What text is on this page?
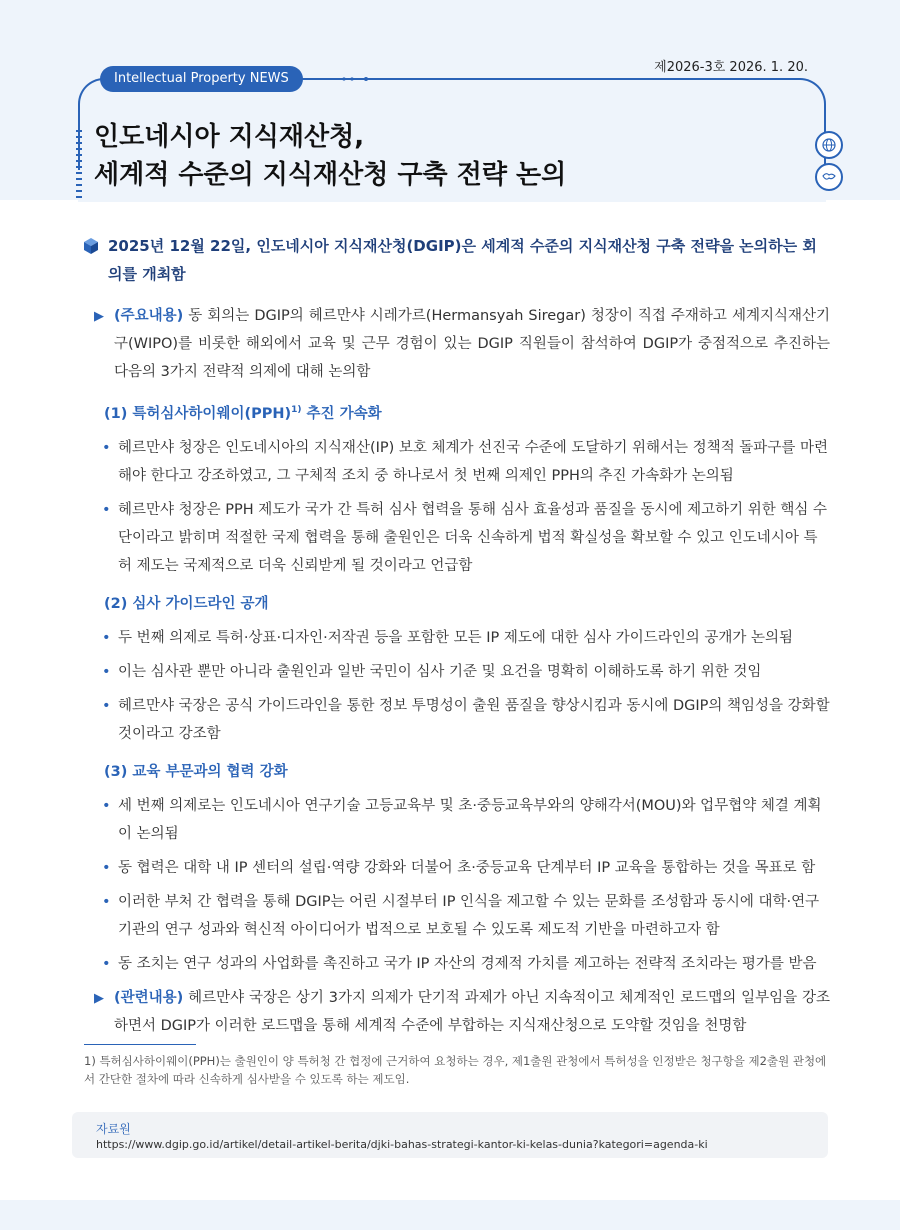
제2026-3호 2026. 1. 20.
Intellectual Property NEWS
인도네시아 지식재산청,
세계적 수준의 지식재산청 구축 전략 논의
2025년 12월 22일, 인도네시아 지식재산청(DGIP)은 세계적 수준의 지식재산청 구축 전략을 논의하는 회의를 개최함
▶ (주요내용) 동 회의는 DGIP의 헤르만샤 시레가르(Hermansyah Siregar) 청장이 직접 주재하고 세계지식재산기구(WIPO)를 비롯한 해외에서 교육 및 근무 경험이 있는 DGIP 직원들이 참석하여 DGIP가 중점적으로 추진하는 다음의 3가지 전략적 의제에 대해 논의함
(1) 특허심사하이웨이(PPH)$^{1)}$ 추진 가속화
• 헤르만샤 청장은 인도네시아의 지식재산(IP) 보호 체계가 선진국 수준에 도달하기 위해서는 정책적 돌파구를 마련해야 한다고 강조하였고, 그 구체적 조치 중 하나로서 첫 번째 의제인 PPH의 추진 가속화가 논의됨
• 헤르만샤 청장은 PPH 제도가 국가 간 특허 심사 협력을 통해 심사 효율성과 품질을 동시에 제고하기 위한 핵심 수단이라고 밝히며 적절한 국제 협력을 통해 출원인은 더욱 신속하게 법적 확실성을 확보할 수 있고 인도네시아 특허 제도는 국제적으로 더욱 신뢰받게 될 것이라고 언급함
(2) 심사 가이드라인 공개
• 두 번째 의제로 특허·상표·디자인·저작권 등을 포함한 모든 IP 제도에 대한 심사 가이드라인의 공개가 논의됨
• 이는 심사관 뿐만 아니라 출원인과 일반 국민이 심사 기준 및 요건을 명확히 이해하도록 하기 위한 것임
• 헤르만샤 국장은 공식 가이드라인을 통한 정보 투명성이 출원 품질을 향상시킴과 동시에 DGIP의 책임성을 강화할 것이라고 강조함
(3) 교육 부문과의 협력 강화
• 세 번째 의제로는 인도네시아 연구기술 고등교육부 및 초·중등교육부와의 양해각서(MOU)와 업무협약 체결 계획이 논의됨
• 동 협력은 대학 내 IP 센터의 설립·역량 강화와 더불어 초·중등교육 단계부터 IP 교육을 통합하는 것을 목표로 함
• 이러한 부처 간 협력을 통해 DGIP는 어린 시절부터 IP 인식을 제고할 수 있는 문화를 조성함과 동시에 대학·연구기관의 연구 성과와 혁신적 아이디어가 법적으로 보호될 수 있도록 제도적 기반을 마련하고자 함
• 동 조치는 연구 성과의 사업화를 촉진하고 국가 IP 자산의 경제적 가치를 제고하는 전략적 조치라는 평가를 받음
▶ (관련내용) 헤르만샤 국장은 상기 3가지 의제가 단기적 과제가 아닌 지속적이고 체계적인 로드맵의 일부임을 강조하면서 DGIP가 이러한 로드맵을 통해 세계적 수준에 부합하는 지식재산청으로 도약할 것임을 천명함
1) 특허심사하이웨이(PPH)는 출원인이 양 특허청 간 협정에 근거하여 요청하는 경우, 제1출원 관청에서 특허성을 인정받은 청구항을 제2출원 관청에서 간단한 절차에 따라 신속하게 심사받을 수 있도록 하는 제도임.
자료원
https://www.dgip.go.id/artikel/detail-artikel-berita/djki-bahas-strategi-kantor-ki-kelas-dunia?kategori=agenda-ki
